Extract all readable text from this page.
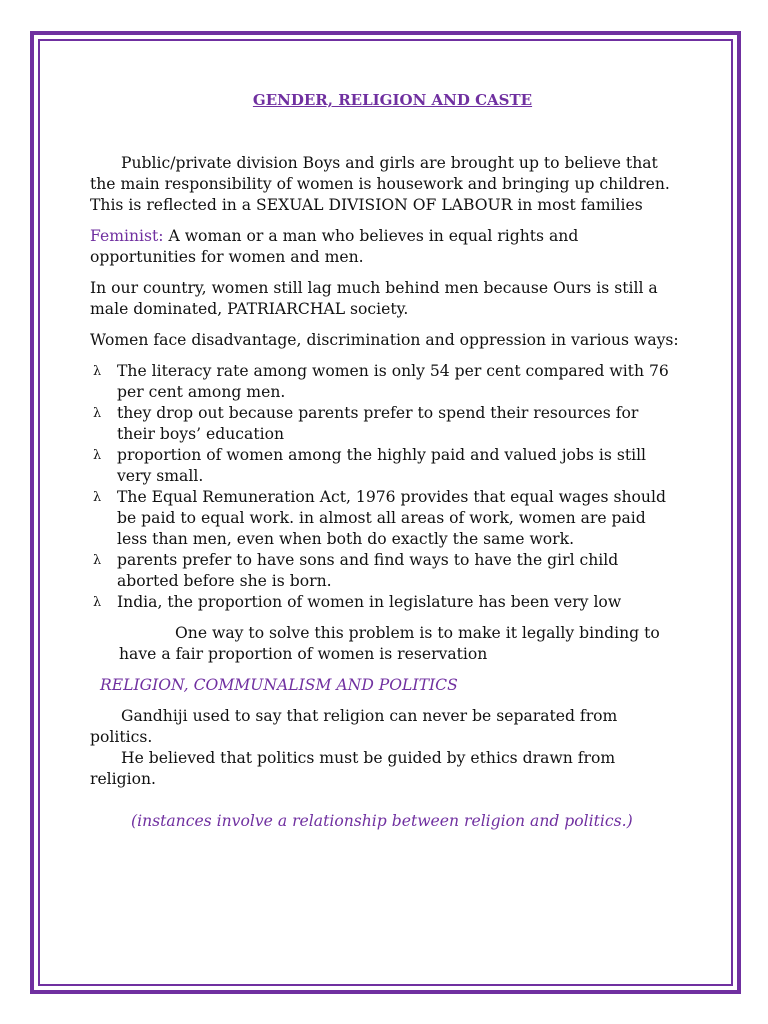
GENDER, RELIGION AND CASTE

Public/private division Boys and girls are brought up to believe that the main responsibility of women is housework and bringing up children. This is reflected in a SEXUAL DIVISION OF LABOUR in most families

Feminist: A woman or a man who believes in equal rights and opportunities for women and men.

In our country, women still lag much behind men because Ours is still a male dominated, PATRIARCHAL society.

Women face disadvantage, discrimination and oppression in various ways:

λ The literacy rate among women is only 54 per cent compared with 76 per cent among men.
λ they drop out because parents prefer to spend their resources for their boys’ education
λ proportion of women among the highly paid and valued jobs is still very small.
λ The Equal Remuneration Act, 1976 provides that equal wages should be paid to equal work. in almost all areas of work, women are paid less than men, even when both do exactly the same work.
λ parents prefer to have sons and find ways to have the girl child aborted before she is born.
λ India, the proportion of women in legislature has been very low

One way to solve this problem is to make it legally binding to have a fair proportion of women is reservation

RELIGION, COMMUNALISM AND POLITICS

Gandhiji used to say that religion can never be separated from politics.
He believed that politics must be guided by ethics drawn from religion.

(instances involve a relationship between religion and politics.)
